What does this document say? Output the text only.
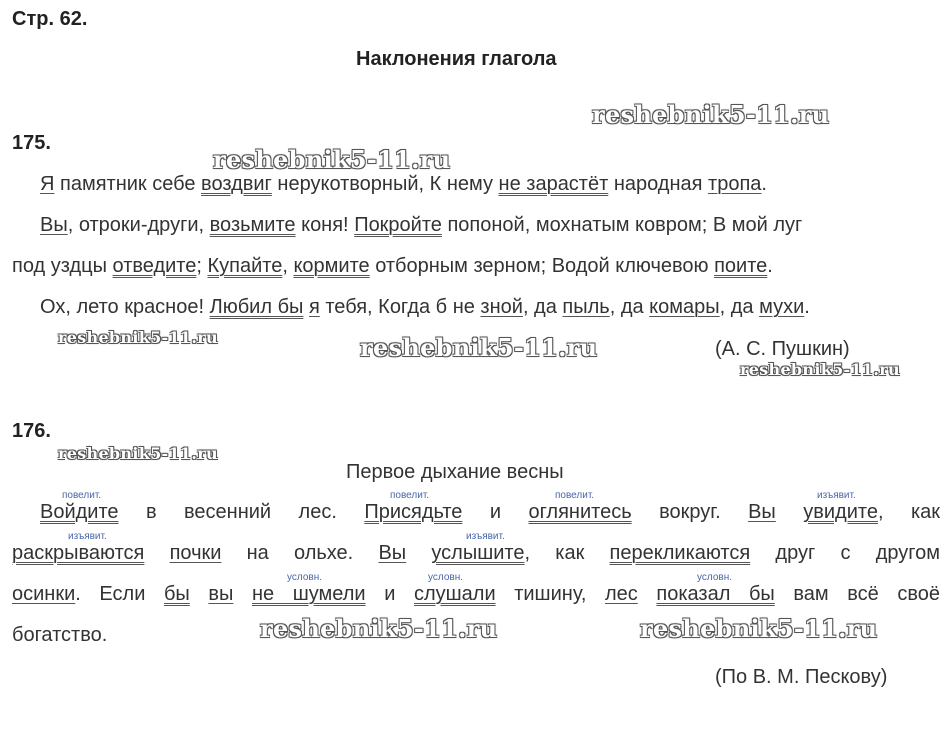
Стр. 62.
Наклонения глагола
reshebnik5-11.ru
reshebnik5-11.ru
reshebnik5-11.ru	reshebnik5-11.ru
reshebnik5-11.ru
reshebnik5-11.ru
reshebnik5-11.ru	reshebnik5-11.ru
175.
Я памятник себе воздвиг нерукотворный, К нему не зарастёт народная тропа.
Вы, отроки-други, возьмите коня! Покройте попоной, мохнатым ковром; В мой луг
под уздцы отведите; Купайте, кормите отборным зерном; Водой ключевою поите.
Ох, лето красное! Любил бы я тебя, Когда б не зной, да пыль, да комары, да мухи.
(А. С. Пушкин)
176.
Первое дыхание весны
повелит.	повелит.	повелит.	изъявит.
Войдите в весенний лес. Присядьте и оглянитесь вокруг. Вы увидите, как
изъявит.	изъявит.
раскрываются почки на ольхе. Вы услышите, как перекликаются друг с другом
условн.	условн.	условн.
осинки. Если бы вы не шумели и слушали тишину, лес показал бы вам всё своё
богатство.
(По В. М. Пескову)
